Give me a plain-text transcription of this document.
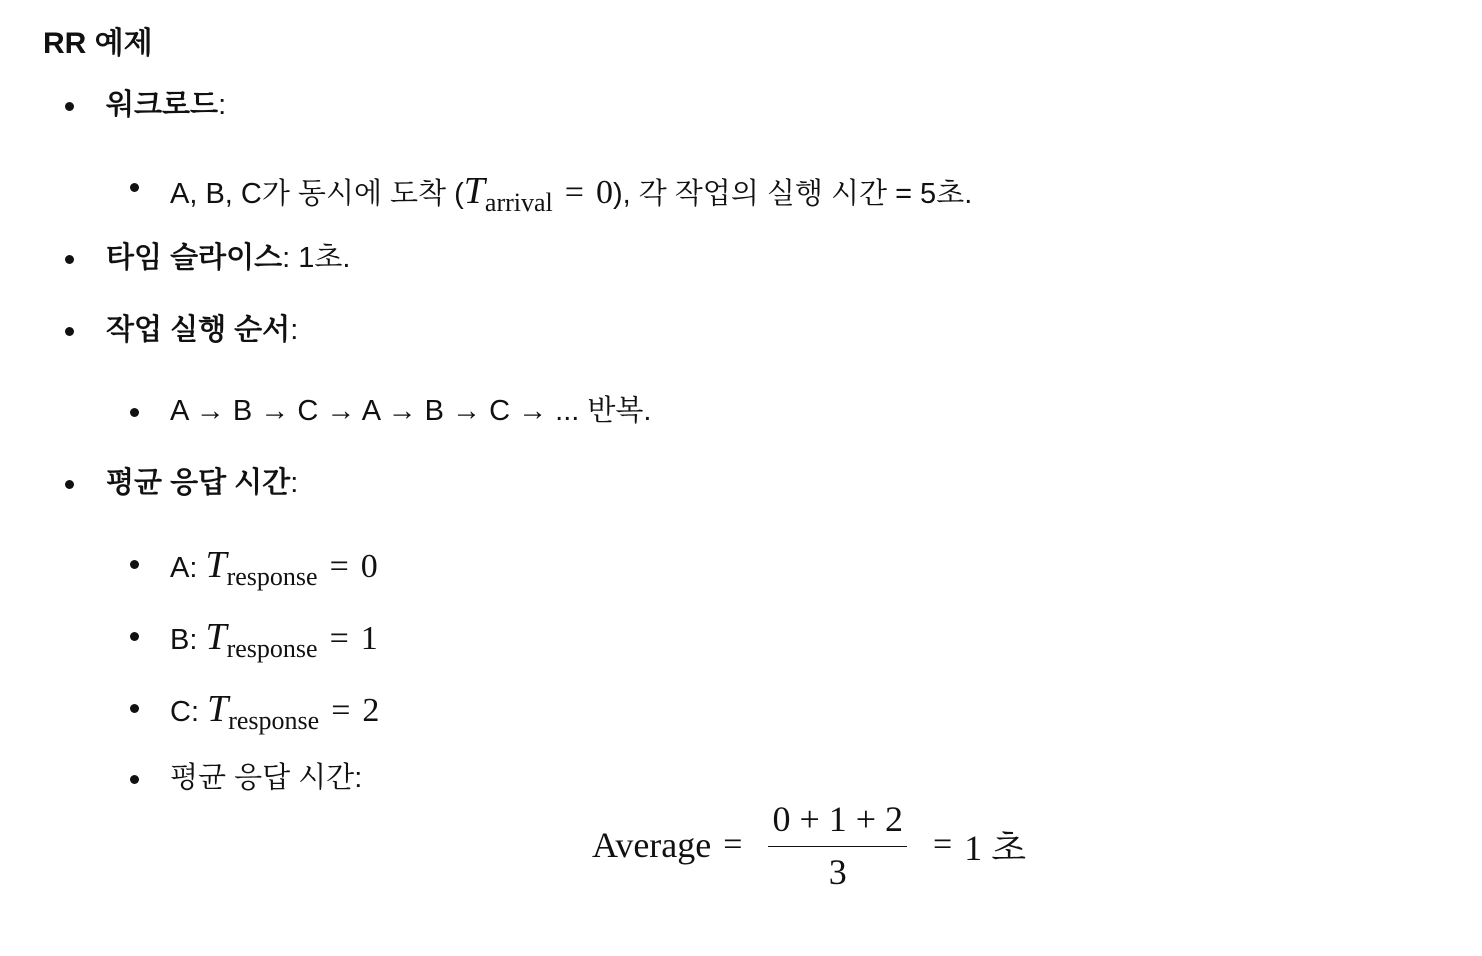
RR 예제
워크로드:
A, B, C가 동시에 도착 (Tarrival = 0), 각 작업의 실행 시간 = 5초.
타임 슬라이스: 1초.
작업 실행 순서:
A → B → C → A → B → C → ... 반복.
평균 응답 시간:
A: Tresponse = 0
B: Tresponse = 1
C: Tresponse = 2
평균 응답 시간:
Average = $\frac{0 + 1 + 2}{3} = 1$ 초
